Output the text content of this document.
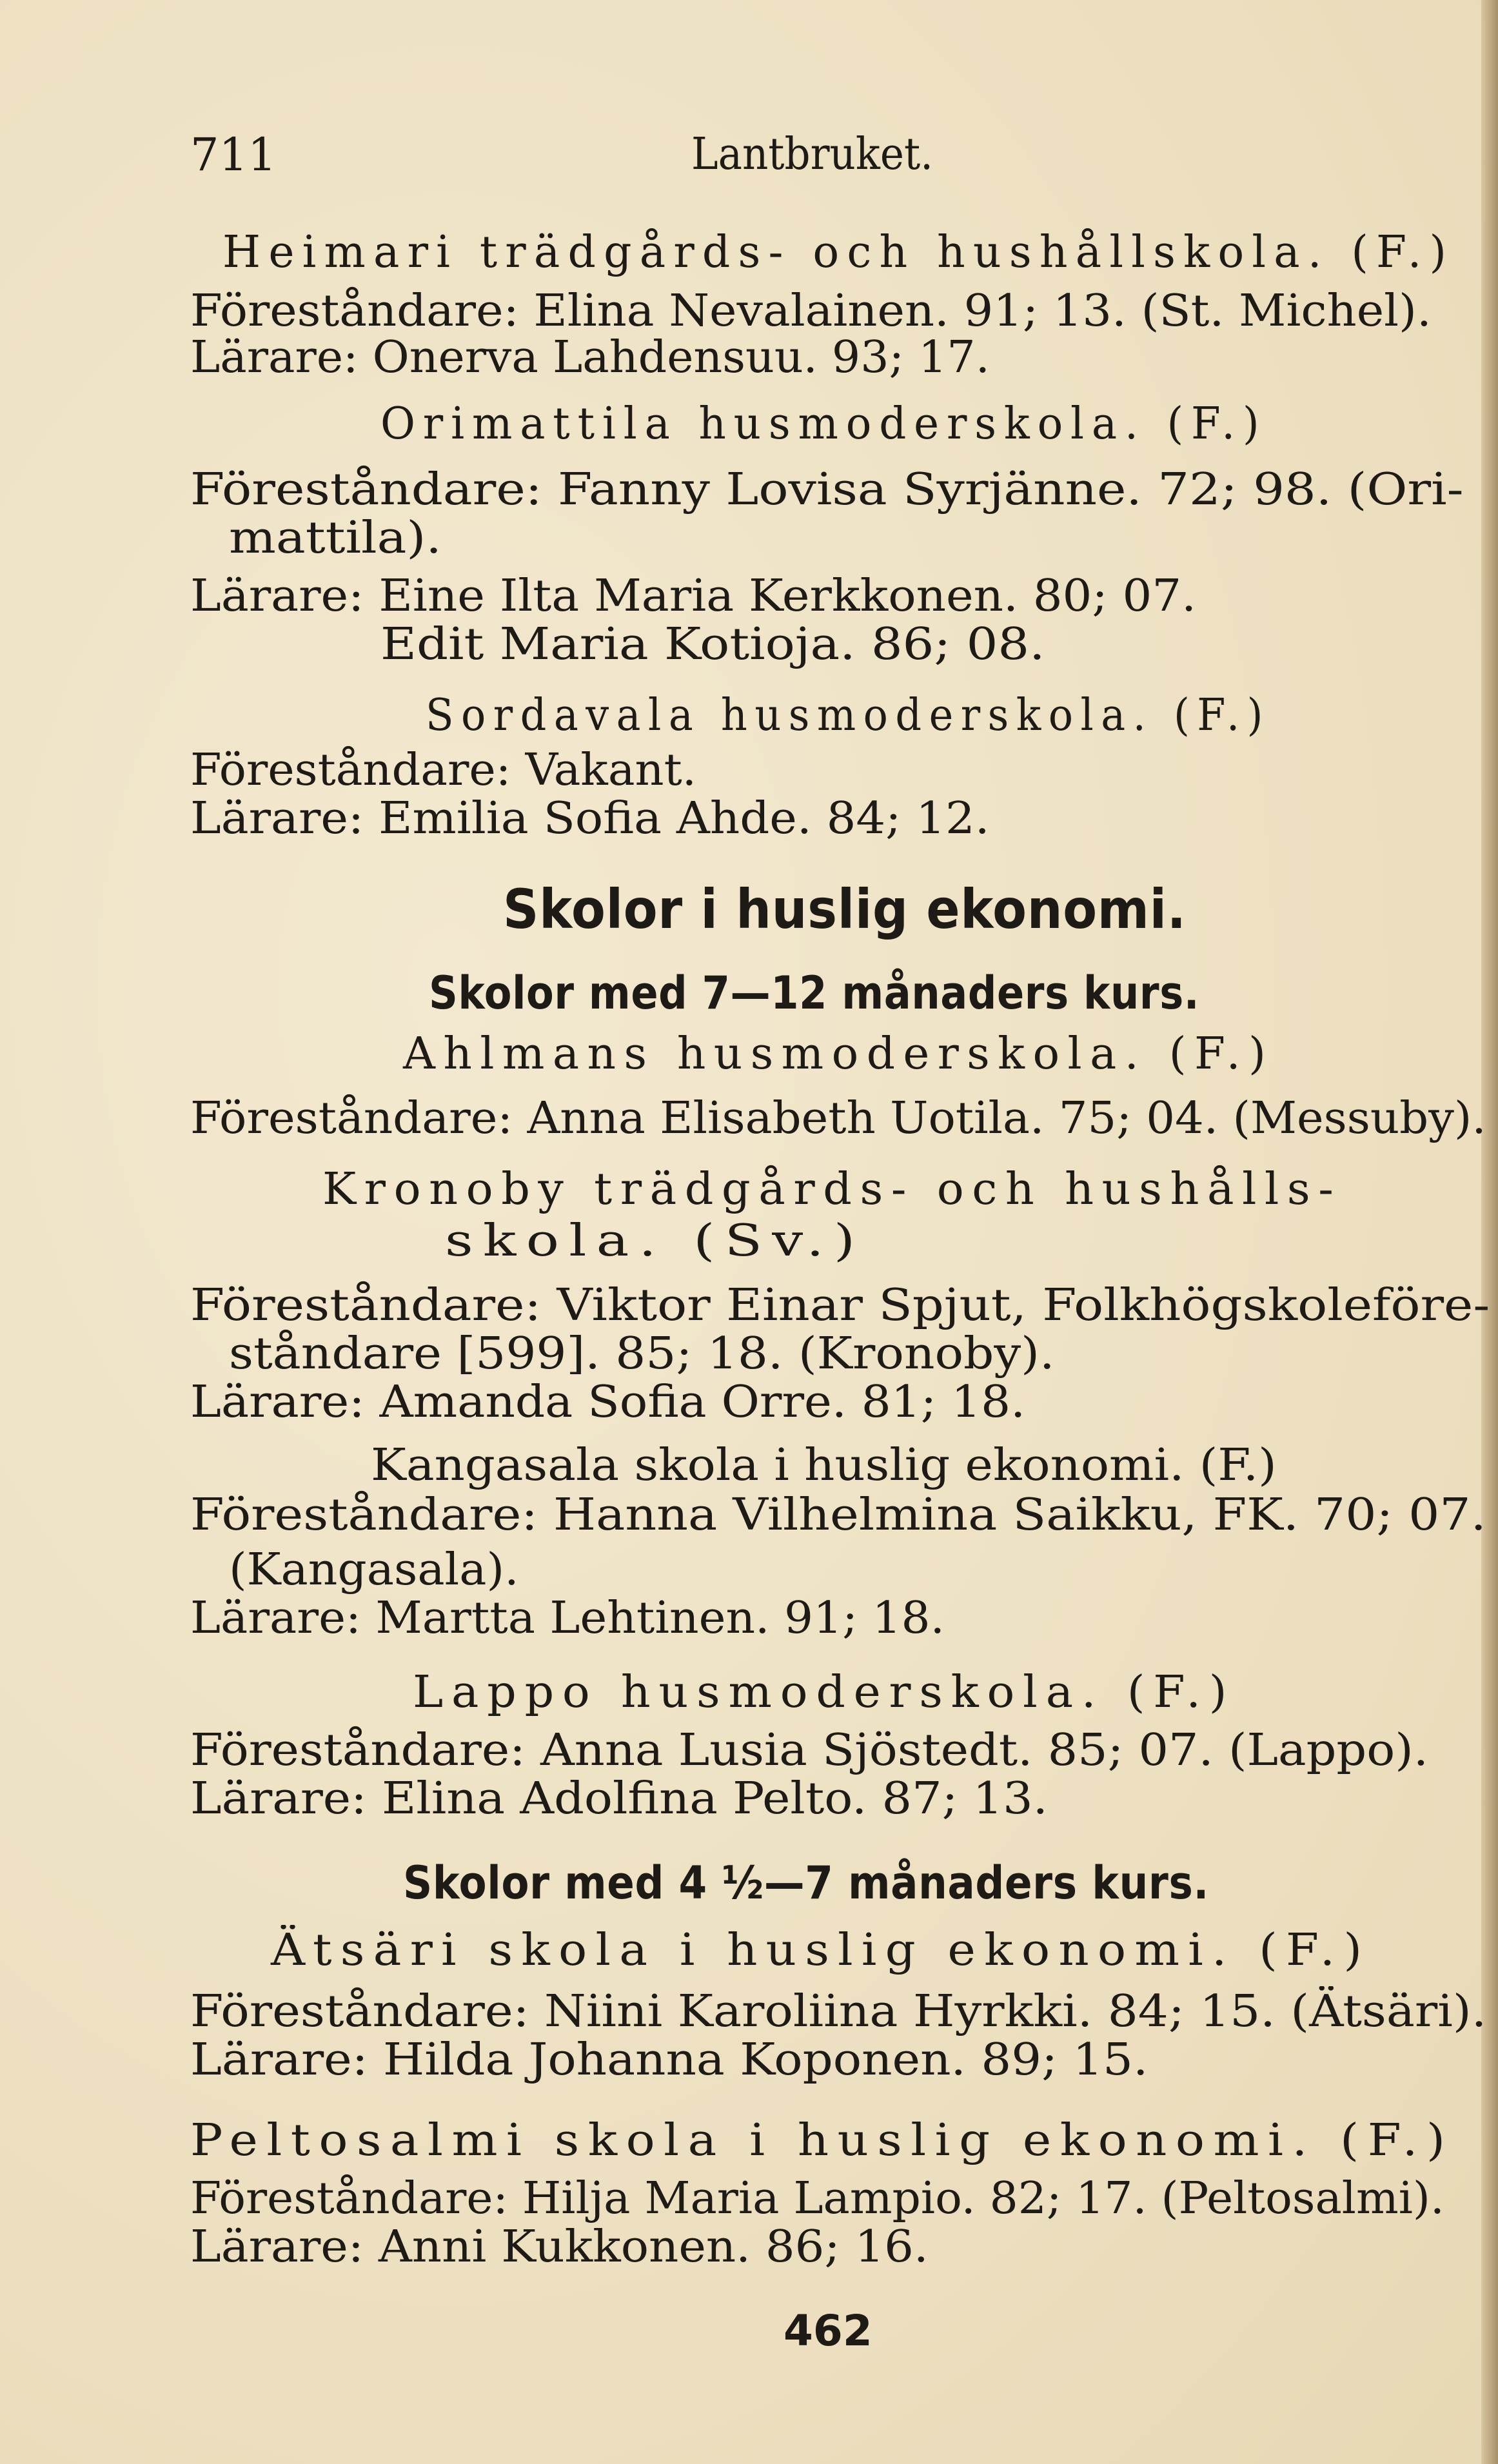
711	Lantbruket.
Heimari trädgårds- och hushållskola. (F.)
Föreståndare: Elina Nevalainen. 91; 13. (St. Michel).
Lärare: Onerva Lahdensuu. 93; 17.
Orimattila husmoderskola. (F.)
Föreståndare: Fanny Lovisa Syrjänne. 72; 98. (Ori-
mattila).
Lärare: Eine Ilta Maria Kerkkonen. 80; 07.
Edit Maria Kotioja. 86; 08.
Sordavala husmoderskola. (F.)
Föreståndare: Vakant.
Lärare: Emilia Sofia Ahde. 84; 12.
Skolor i huslig ekonomi.
Skolor med 7—12 månaders kurs.
Ahlmans husmoderskola. (F.)
Föreståndare: Anna Elisabeth Uotila. 75; 04. (Messuby).
Kronoby trädgårds- och hushålls-
skola. (Sv.)
Föreståndare: Viktor Einar Spjut, Folkhögskoleföre-
ståndare [599]. 85; 18. (Kronoby).
Lärare: Amanda Sofia Orre. 81; 18.
Kangasala skola i huslig ekonomi. (F.)
Föreståndare: Hanna Vilhelmina Saikku, FK. 70; 07.
(Kangasala).
Lärare: Martta Lehtinen. 91; 18.
Lappo husmoderskola. (F.)
Föreståndare: Anna Lusia Sjöstedt. 85; 07. (Lappo).
Lärare: Elina Adolfina Pelto. 87; 13.
Skolor med 4 ½—7 månaders kurs.
Ätsäri skola i huslig ekonomi. (F.)
Föreståndare: Niini Karoliina Hyrkki. 84; 15. (Ätsäri).
Lärare: Hilda Johanna Koponen. 89; 15.
Peltosalmi skola i huslig ekonomi. (F.)
Föreståndare: Hilja Maria Lampio. 82; 17. (Peltosalmi).
Lärare: Anni Kukkonen. 86; 16.
462
